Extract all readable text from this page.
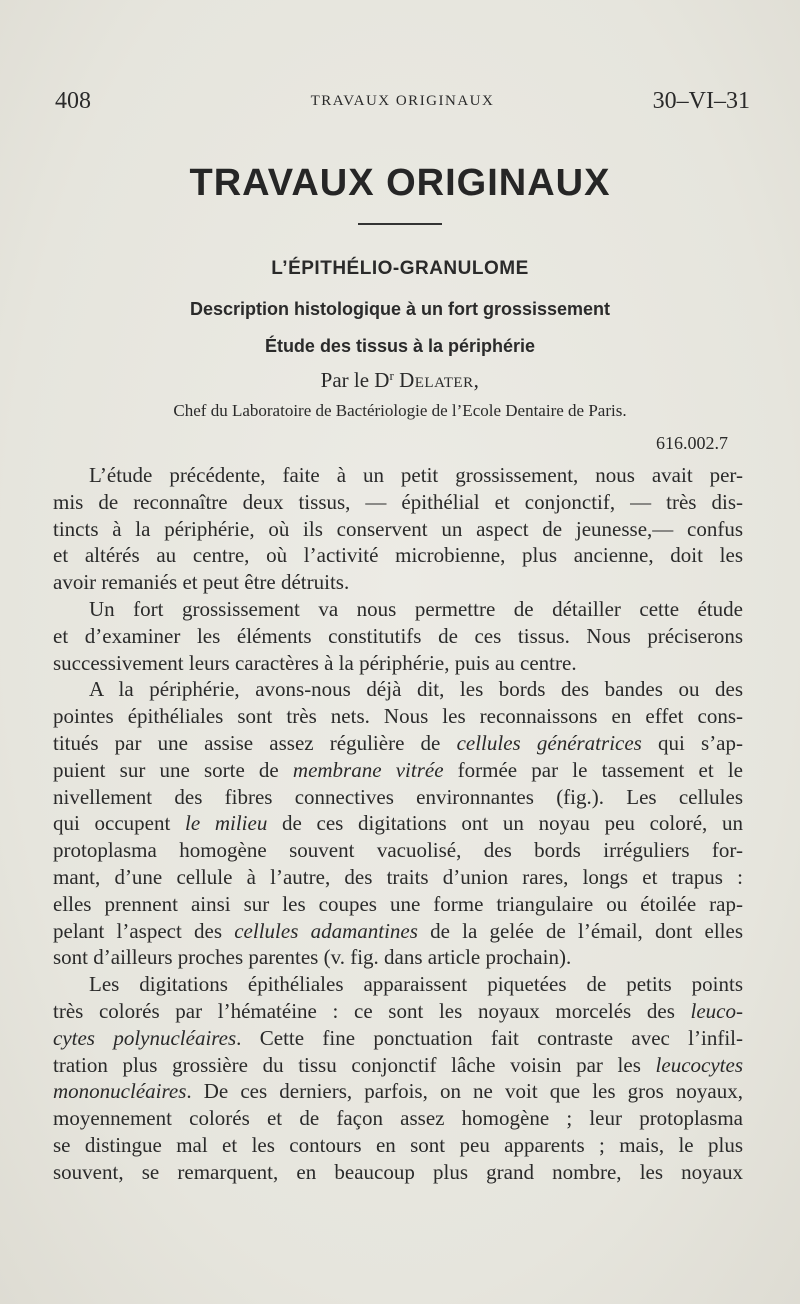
408	TRAVAUX ORIGINAUX	30–VI–31
TRAVAUX ORIGINAUX
L’ÉPITHÉLIO-GRANULOME
Description histologique à un fort grossissement
Étude des tissus à la périphérie
Par le $D^r$ Delater,
Chef du Laboratoire de Bactériologie de l’Ecole Dentaire de Paris.
616.002.7
L’étude précédente, faite à un petit grossissement, nous avait per-
mis de reconnaître deux tissus, — épithélial et conjonctif, — très dis-
tincts à la périphérie, où ils conservent un aspect de jeunesse,— confus
et altérés au centre, où l’activité microbienne, plus ancienne, doit les
avoir remaniés et peut être détruits.
Un fort grossissement va nous permettre de détailler cette étude
et d’examiner les éléments constitutifs de ces tissus. Nous préciserons
successivement leurs caractères à la périphérie, puis au centre.
A la périphérie, avons-nous déjà dit, les bords des bandes ou des
pointes épithéliales sont très nets. Nous les reconnaissons en effet cons-
titués par une assise assez régulière de cellules génératrices qui s’ap-
puient sur une sorte de membrane vitrée formée par le tassement et le
nivellement des fibres connectives environnantes (fig.). Les cellules
qui occupent le milieu de ces digitations ont un noyau peu coloré, un
protoplasma homogène souvent vacuolisé, des bords irréguliers for-
mant, d’une cellule à l’autre, des traits d’union rares, longs et trapus :
elles prennent ainsi sur les coupes une forme triangulaire ou étoilée rap-
pelant l’aspect des cellules adamantines de la gelée de l’émail, dont elles
sont d’ailleurs proches parentes (v. fig. dans article prochain).
Les digitations épithéliales apparaissent piquetées de petits points
très colorés par l’hématéine : ce sont les noyaux morcelés des leuco-
cytes polynucléaires. Cette fine ponctuation fait contraste avec l’infil-
tration plus grossière du tissu conjonctif lâche voisin par les leucocytes
mononucléaires. De ces derniers, parfois, on ne voit que les gros noyaux,
moyennement colorés et de façon assez homogène ; leur protoplasma
se distingue mal et les contours en sont peu apparents ; mais, le plus
souvent, se remarquent, en beaucoup plus grand nombre, les noyaux
